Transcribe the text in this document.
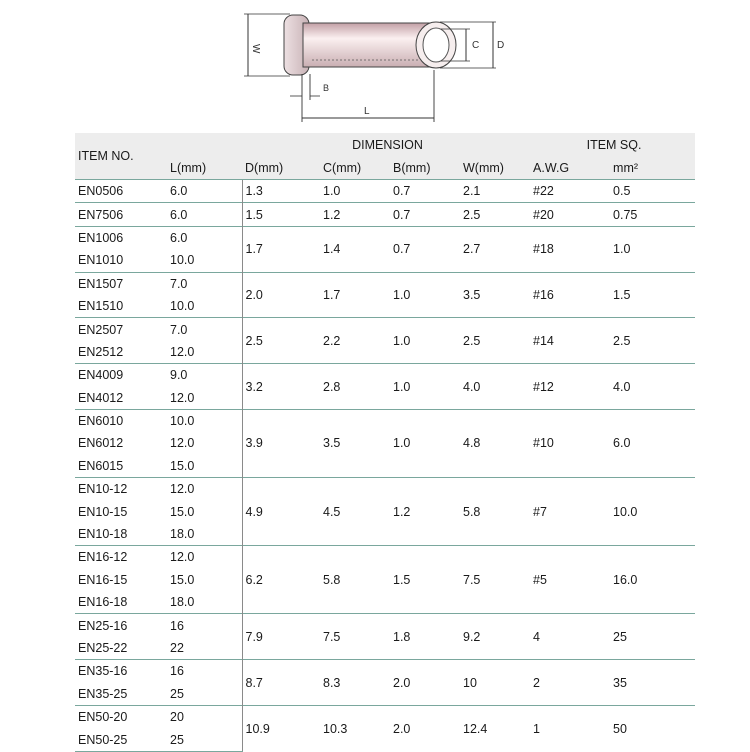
W	C D
B
L
ITEM NO.		DIMENSION				ITEM SQ.	
	L(mm)	D(mm)	C(mm)	B(mm)	W(mm)	A.W.G	mm²
EN0506	6.0	1.3	1.0	0.7	2.1	#22	0.5
EN7506	6.0	1.5	1.2	0.7	2.5	#20	0.75
EN1006	6.0	1.7	1.4	0.7	2.7	#18	1.0
EN1010	10.0						
EN1507	7.0	2.0	1.7	1.0	3.5	#16	1.5
EN1510	10.0						
EN2507	7.0	2.5	2.2	1.0	2.5	#14	2.5
EN2512	12.0						
EN4009	9.0	3.2	2.8	1.0	4.0	#12	4.0
EN4012	12.0						
EN6010	10.0	3.9	3.5	1.0	4.8	#10	6.0
EN6012	12.0						
EN6015	15.0						
EN10-12	12.0	4.9	4.5	1.2	5.8	#7	10.0
EN10-15	15.0						
EN10-18	18.0						
EN16-12	12.0	6.2	5.8	1.5	7.5	#5	16.0
EN16-15	15.0						
EN16-18	18.0						
EN25-16	16	7.9	7.5	1.8	9.2	4	25
EN25-22	22						
EN35-16	16	8.7	8.3	2.0	10	2	35
EN35-25	25						
EN50-20	20	10.9	10.3	2.0	12.4	1	50
EN50-25	25						
